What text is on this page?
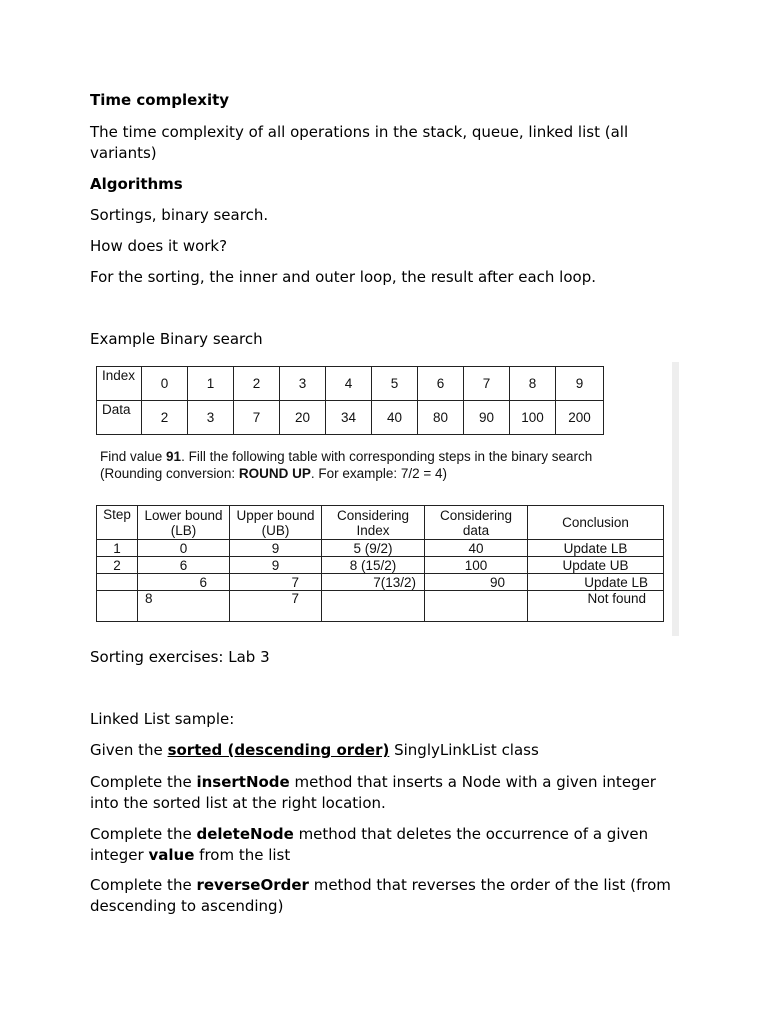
Time complexity

The time complexity of all operations in the stack, queue, linked list (all variants)

Algorithms

Sortings, binary search.

How does it work?

For the sorting, the inner and outer loop, the result after each loop.

Example Binary search

Index	0	1	2	3	4	5	6	7	8	9
Data	2	3	7	20	34	40	80	90	100	200
Find value 91. Fill the following table with corresponding steps in the binary search
(Rounding conversion: ROUND UP. For example: 7/2 = 4)
Step	Lower bound (LB)	Upper bound (UB)	Considering Index	Considering data	Conclusion
1	0	9	5 (9/2)	40	Update LB
2	6	9	8 (15/2)	100	Update UB
	6	7	7(13/2)	90	Update LB
	8	7			Not found

Sorting exercises: Lab 3

Linked List sample:

Given the sorted (descending order) SinglyLinkList class

Complete the insertNode method that inserts a Node with a given integer into the sorted list at the right location.

Complete the deleteNode method that deletes the occurrence of a given integer value from the list

Complete the reverseOrder method that reverses the order of the list (from descending to ascending)
